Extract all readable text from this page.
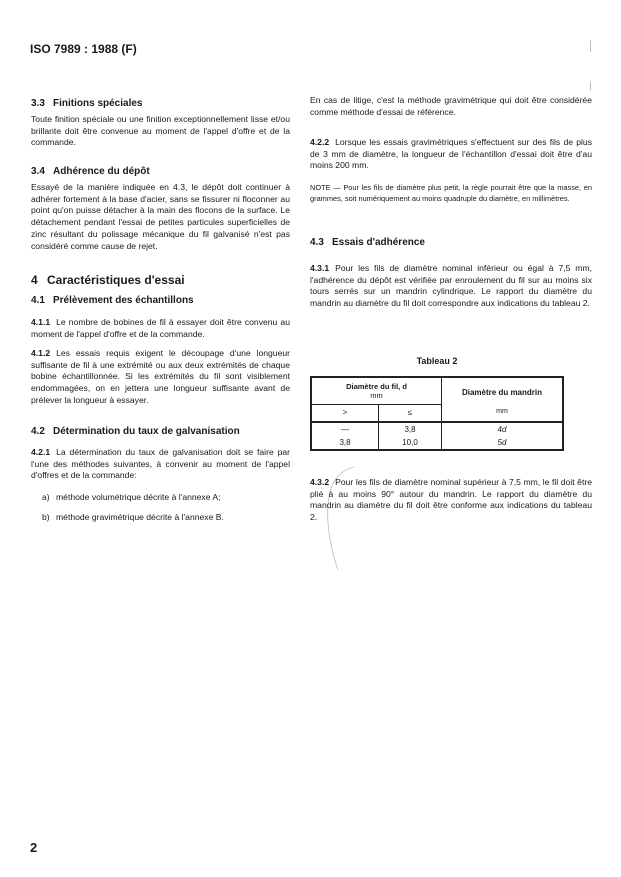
ISO 7989 : 1988 (F)
3.3 Finitions spéciales
Toute finition spéciale ou une finition exceptionnellement lisse et/ou brillante doit être convenue au moment de l'appel d'offre et de la commande.
3.4 Adhérence du dépôt
Essayé de la manière indiquée en 4.3, le dépôt doit continuer à adhérer fortement à la base d'acier, sans se fissurer ni floconner au point qu'on puisse détacher à la main des flocons de la surface. Le détachement pendant l'essai de petites particules superficielles de zinc résultant du polissage mécanique du fil galvanisé n'est pas considéré comme cause de rejet.
4 Caractéristiques d'essai
4.1 Prélèvement des échantillons
4.1.1 Le nombre de bobines de fil à essayer doit être convenu au moment de l'appel d'offre et de la commande.
4.1.2 Les essais requis exigent le découpage d'une longueur suffisante de fil à une extrémité ou aux deux extrémités de chaque bobine échantillonnée. Si les extrémités du fil sont visiblement endommagées, on en jettera une longueur suffisante avant de prélever la longueur à essayer.
4.2 Détermination du taux de galvanisation
4.2.1 La détermination du taux de galvanisation doit se faire par l'une des méthodes suivantes, à convenir au moment de l'appel d'offres et de la commande:
a) méthode volumétrique décrite à l'annexe A;
b) méthode gravimétrique décrite à l'annexe B.
En cas de litige, c'est la méthode gravimétrique qui doit être considérée comme méthode d'essai de référence.
4.2.2 Lorsque les essais gravimétriques s'effectuent sur des fils de plus de 3 mm de diamètre, la longueur de l'échantillon d'essai doit être d'au moins 200 mm.
NOTE — Pour les fils de diamètre plus petit, la règle pourrait être que la masse, en grammes, soit numériquement au moins quadruple du diamètre, en millimètres.
4.3 Essais d'adhérence
4.3.1 Pour les fils de diamètre nominal inférieur ou égal à 7,5 mm, l'adhérence du dépôt est vérifiée par enroulement du fil sur au moins six tours serrés sur un mandrin cylindrique. Le rapport du diamètre du mandrin au diamètre du fil doit correspondre aux indications du tableau 2.
Tableau 2
Diamètre du fil, d
mm		Diamètre du mandrin
mm
>	≤	
—	3,8	4d
3,8	10,0	5d
4.3.2 Pour les fils de diamètre nominal supérieur à 7,5 mm, le fil doit être plié à au moins 90° autour du mandrin. Le rapport du diamètre du mandrin au diamètre du fil doit être conforme aux indications du tableau 2.
2
